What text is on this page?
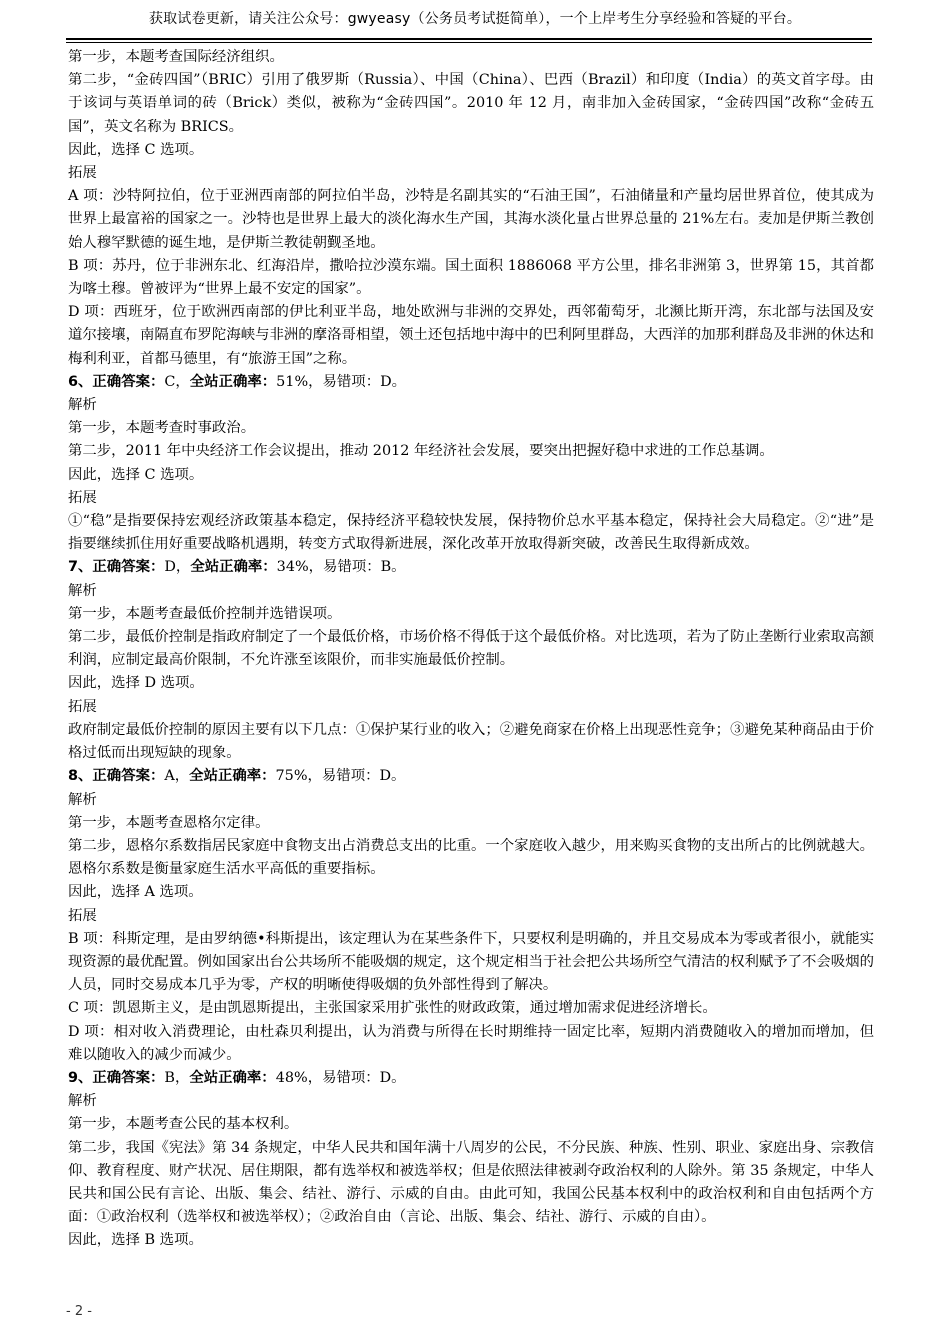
获取试卷更新，请关注公众号：gwyeasy（公务员考试挺简单），一个上岸考生分享经验和答疑的平台。
第一步，本题考查国际经济组织。
第二步，“金砖四国”（BRIC）引用了俄罗斯（Russia）、中国（China）、巴西（Brazil）和印度（India）的英文首字母。由于该词与英语单词的砖（Brick）类似，被称为“金砖四国”。2010 年 12 月，南非加入金砖国家，“金砖四国”改称“金砖五国”，英文名称为 BRICS。
因此，选择 C 选项。
拓展
A 项：沙特阿拉伯，位于亚洲西南部的阿拉伯半岛，沙特是名副其实的“石油王国”，石油储量和产量均居世界首位，使其成为世界上最富裕的国家之一。沙特也是世界上最大的淡化海水生产国，其海水淡化量占世界总量的 21%左右。麦加是伊斯兰教创始人穆罕默德的诞生地，是伊斯兰教徒朝觐圣地。
B 项：苏丹，位于非洲东北、红海沿岸，撒哈拉沙漠东端。国土面积 1886068 平方公里，排名非洲第 3，世界第 15，其首都为喀土穆。曾被评为“世界上最不安定的国家”。
D 项：西班牙，位于欧洲西南部的伊比利亚半岛，地处欧洲与非洲的交界处，西邻葡萄牙，北濒比斯开湾，东北部与法国及安道尔接壤，南隔直布罗陀海峡与非洲的摩洛哥相望，领土还包括地中海中的巴利阿里群岛，大西洋的加那利群岛及非洲的休达和梅利利亚，首都马德里，有“旅游王国”之称。
6、正确答案：C，全站正确率：51%，易错项：D。
解析
第一步，本题考查时事政治。
第二步，2011 年中央经济工作会议提出，推动 2012 年经济社会发展，要突出把握好稳中求进的工作总基调。
因此，选择 C 选项。
拓展
①“稳”是指要保持宏观经济政策基本稳定，保持经济平稳较快发展，保持物价总水平基本稳定，保持社会大局稳定。②“进”是指要继续抓住用好重要战略机遇期，转变方式取得新进展，深化改革开放取得新突破，改善民生取得新成效。
7、正确答案：D，全站正确率：34%，易错项：B。
解析
第一步，本题考查最低价控制并选错误项。
第二步，最低价控制是指政府制定了一个最低价格，市场价格不得低于这个最低价格。对比选项，若为了防止垄断行业索取高额利润，应制定最高价限制，不允许涨至该限价，而非实施最低价控制。
因此，选择 D 选项。
拓展
政府制定最低价控制的原因主要有以下几点：①保护某行业的收入；②避免商家在价格上出现恶性竞争；③避免某种商品由于价格过低而出现短缺的现象。
8、正确答案：A，全站正确率：75%，易错项：D。
解析
第一步，本题考查恩格尔定律。
第二步，恩格尔系数指居民家庭中食物支出占消费总支出的比重。一个家庭收入越少，用来购买食物的支出所占的比例就越大。恩格尔系数是衡量家庭生活水平高低的重要指标。
因此，选择 A 选项。
拓展
B 项：科斯定理，是由罗纳德•科斯提出，该定理认为在某些条件下，只要权利是明确的，并且交易成本为零或者很小，就能实现资源的最优配置。例如国家出台公共场所不能吸烟的规定，这个规定相当于社会把公共场所空气清洁的权利赋予了不会吸烟的人员，同时交易成本几乎为零，产权的明晰使得吸烟的负外部性得到了解决。
C 项：凯恩斯主义，是由凯恩斯提出，主张国家采用扩张性的财政政策，通过增加需求促进经济增长。
D 项：相对收入消费理论，由杜森贝利提出，认为消费与所得在长时期维持一固定比率，短期内消费随收入的增加而增加，但难以随收入的减少而减少。
9、正确答案：B，全站正确率：48%，易错项：D。
解析
第一步，本题考查公民的基本权利。
第二步，我国《宪法》第 34 条规定，中华人民共和国年满十八周岁的公民，不分民族、种族、性别、职业、家庭出身、宗教信仰、教育程度、财产状况、居住期限，都有选举权和被选举权；但是依照法律被剥夺政治权利的人除外。第 35 条规定，中华人民共和国公民有言论、出版、集会、结社、游行、示威的自由。由此可知，我国公民基本权利中的政治权利和自由包括两个方面：①政治权利（选举权和被选举权）；②政治自由（言论、出版、集会、结社、游行、示威的自由）。
因此，选择 B 选项。
- 2 -
